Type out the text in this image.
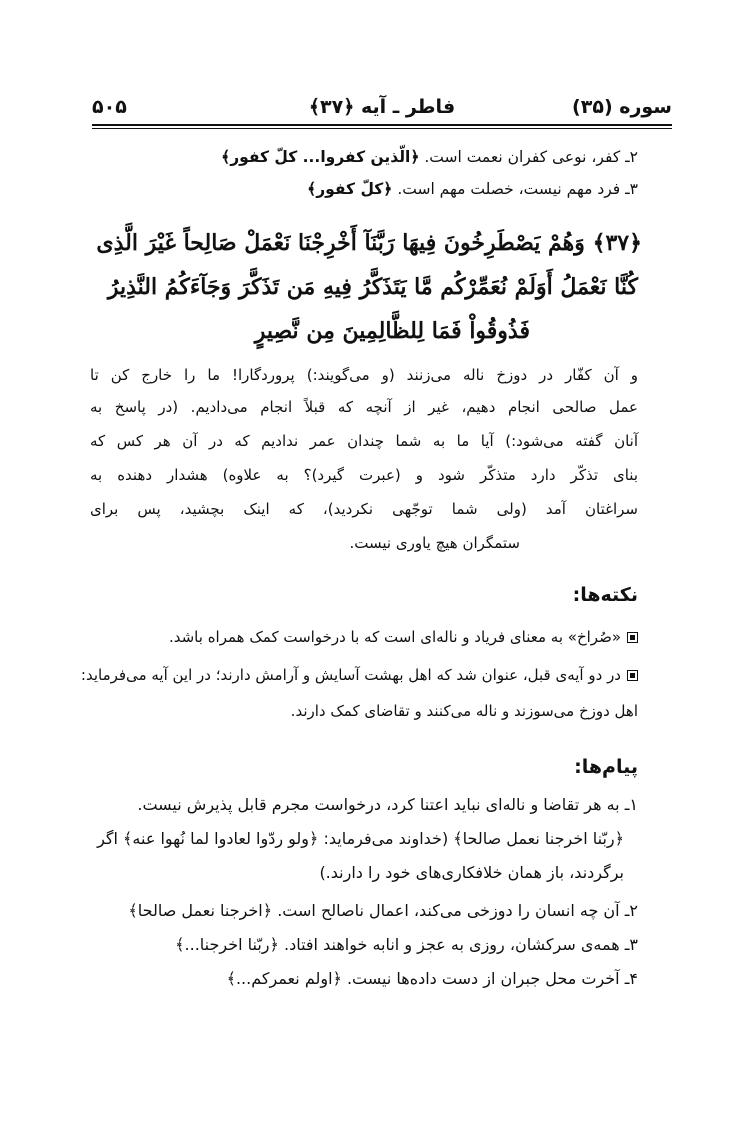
سوره (۳۵)
فاطر ـ آیه ﴿۳۷﴾
۵۰۵
۲ـ کفر، نوعی کفران نعمت است. ﴿الّذین کفروا... کلّ کفور﴾
۳ـ فرد مهم نیست، خصلت مهم است. ﴿کلّ کفور﴾
﴿۳۷﴾ وَهُمْ يَصْطَرِخُونَ فِيهَا رَبَّنَآ أَخْرِجْنَا نَعْمَلْ صَالِحاً غَيْرَ الَّذِى
كُنَّا نَعْمَلُ أَوَلَمْ نُعَمِّرْكُم مَّا يَتَذَكَّرُ فِيهِ مَن تَذَكَّرَ وَجَآءَكُمُ النَّذِيرُ
فَذُوقُواْ فَمَا لِلظَّالِمِينَ مِن نَّصِيرٍ
و آن کفّار در دوزخ ناله می‌زنند (و می‌گویند:) پروردگارا! ما را خارج کن تا
عمل صالحی انجام دهیم، غیر از آنچه که قبلاً انجام می‌دادیم. (در پاسخ به
آنان گفته می‌شود:) آیا ما به شما چندان عمر ندادیم که در آن هر کس که
بنای تذکّر دارد متذکّر شود و (عبرت گیرد)؟ به علاوه) هشدار دهنده به
سراغتان آمد (ولی شما توجّهی نکردید)، که اینک بچشید، پس برای
ستمگران هیچ یاوری نیست.
نکته‌ها:
«صُراخ» به معنای فریاد و ناله‌ای است که با درخواست کمک همراه باشد.
در دو آیه‌ی قبل، عنوان شد که اهل بهشت آسایش و آرامش دارند؛ در این آیه می‌فرماید:
اهل دوزخ می‌سوزند و ناله می‌کنند و تقاضای کمک دارند.
پیام‌ها:
۱ـ به هر تقاضا و ناله‌ای نباید اعتنا کرد، درخواست مجرم قابل پذیرش نیست.
﴿ربّنا اخرجنا نعمل صالحا﴾ (خداوند می‌فرماید: ﴿ولو ردّوا لعادوا لما نُهوا عنه﴾ اگر
برگردند، باز همان خلافکاری‌های خود را دارند.)
۲ـ آن چه انسان را دوزخی می‌کند، اعمال ناصالح است. ﴿اخرجنا نعمل صالحا﴾
۳ـ همه‌ی سرکشان، روزی به عجز و انابه خواهند افتاد. ﴿ربّنا اخرجنا...﴾
۴ـ آخرت محل جبران از دست داده‌ها نیست. ﴿اولم نعمرکم...﴾
